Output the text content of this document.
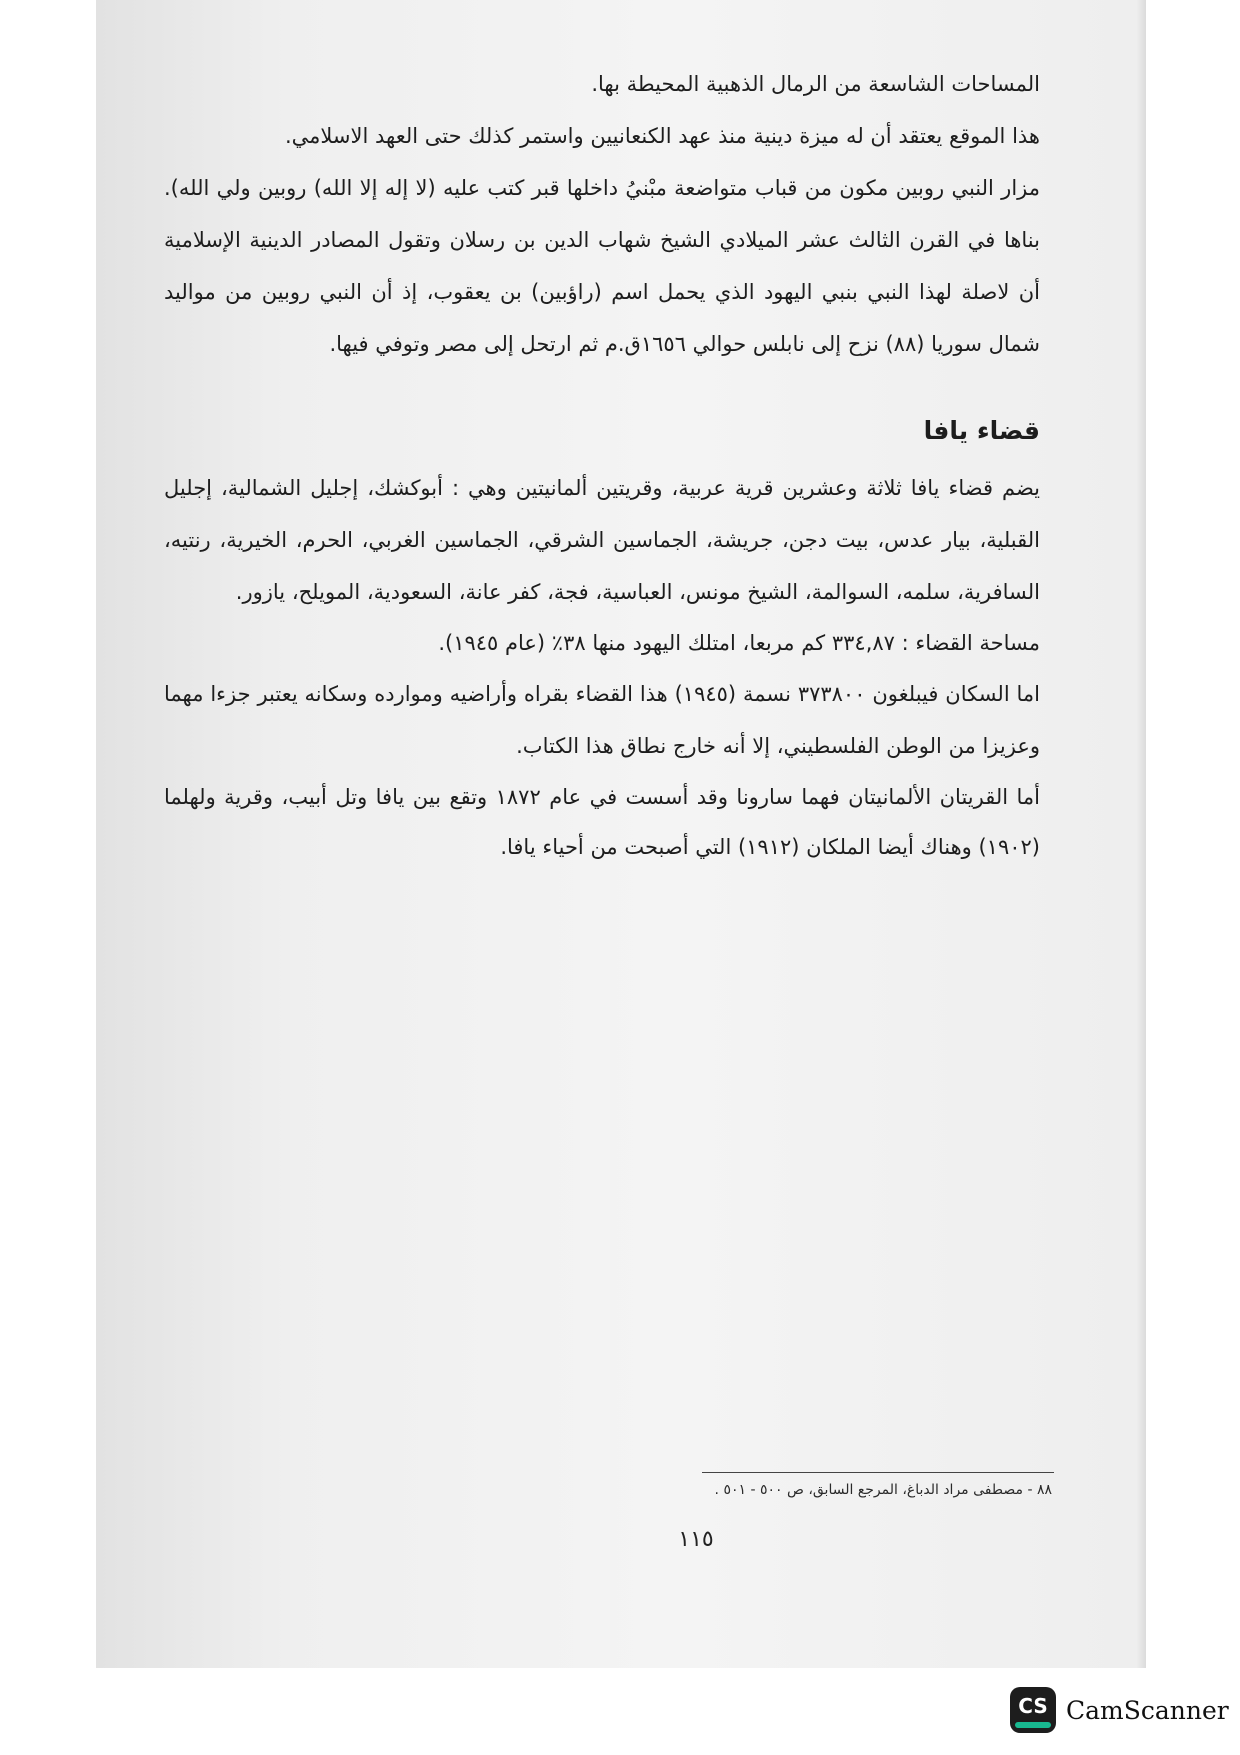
المساحات الشاسعة من الرمال الذهبية المحيطة بها.

هذا الموقع يعتقد أن له ميزة دينية منذ عهد الكنعانيين واستمر كذلك حتى العهد الاسلامي.

مزار النبي روبين مكون من قباب متواضعة مبْنيُ داخلها قبر كتب عليه (لا إله إلا الله) روبين ولي الله). بناها في القرن الثالث عشر الميلادي الشيخ شهاب الدين بن رسلان وتقول المصادر الدينية الإسلامية أن لاصلة لهذا النبي بنبي اليهود الذي يحمل اسم (راؤبين) بن يعقوب، إذ أن النبي روبين من مواليد شمال سوريا (٨٨) نزح إلى نابلس حوالي ١٦٥٦ق.م ثم ارتحل إلى مصر وتوفي فيها.

قضاء يافا

يضم قضاء يافا ثلاثة وعشرين قرية عربية، وقريتين ألمانيتين وهي : أبوكشك، إجليل الشمالية، إجليل القبلية، بيار عدس، بيت دجن، جريشة، الجماسين الشرقي، الجماسين الغربي، الحرم، الخيرية، رنتيه، السافرية، سلمه، السوالمة، الشيخ مونس، العباسية، فجة، كفر عانة، السعودية، المويلح، يازور.

مساحة القضاء : ٣٣٤,٨٧ كم مربعا، امتلك اليهود منها ٣٨٪ (عام ١٩٤٥).

اما السكان فيبلغون ٣٧٣٨٠٠ نسمة (١٩٤٥) هذا القضاء بقراه وأراضيه وموارده وسكانه يعتبر جزءا مهما وعزيزا من الوطن الفلسطيني، إلا أنه خارج نطاق هذا الكتاب.

أما القريتان الألمانيتان فهما سارونا وقد أسست في عام ١٨٧٢ وتقع بين يافا وتل أبيب، وقرية ولهلما (١٩٠٢) وهناك أيضا الملكان (١٩١٢) التي أصبحت من أحياء يافا.

٨٨ - مصطفى مراد الدباغ، المرجع السابق، ص ٥٠٠ - ٥٠١ .
١١٥
CS CamScanner
